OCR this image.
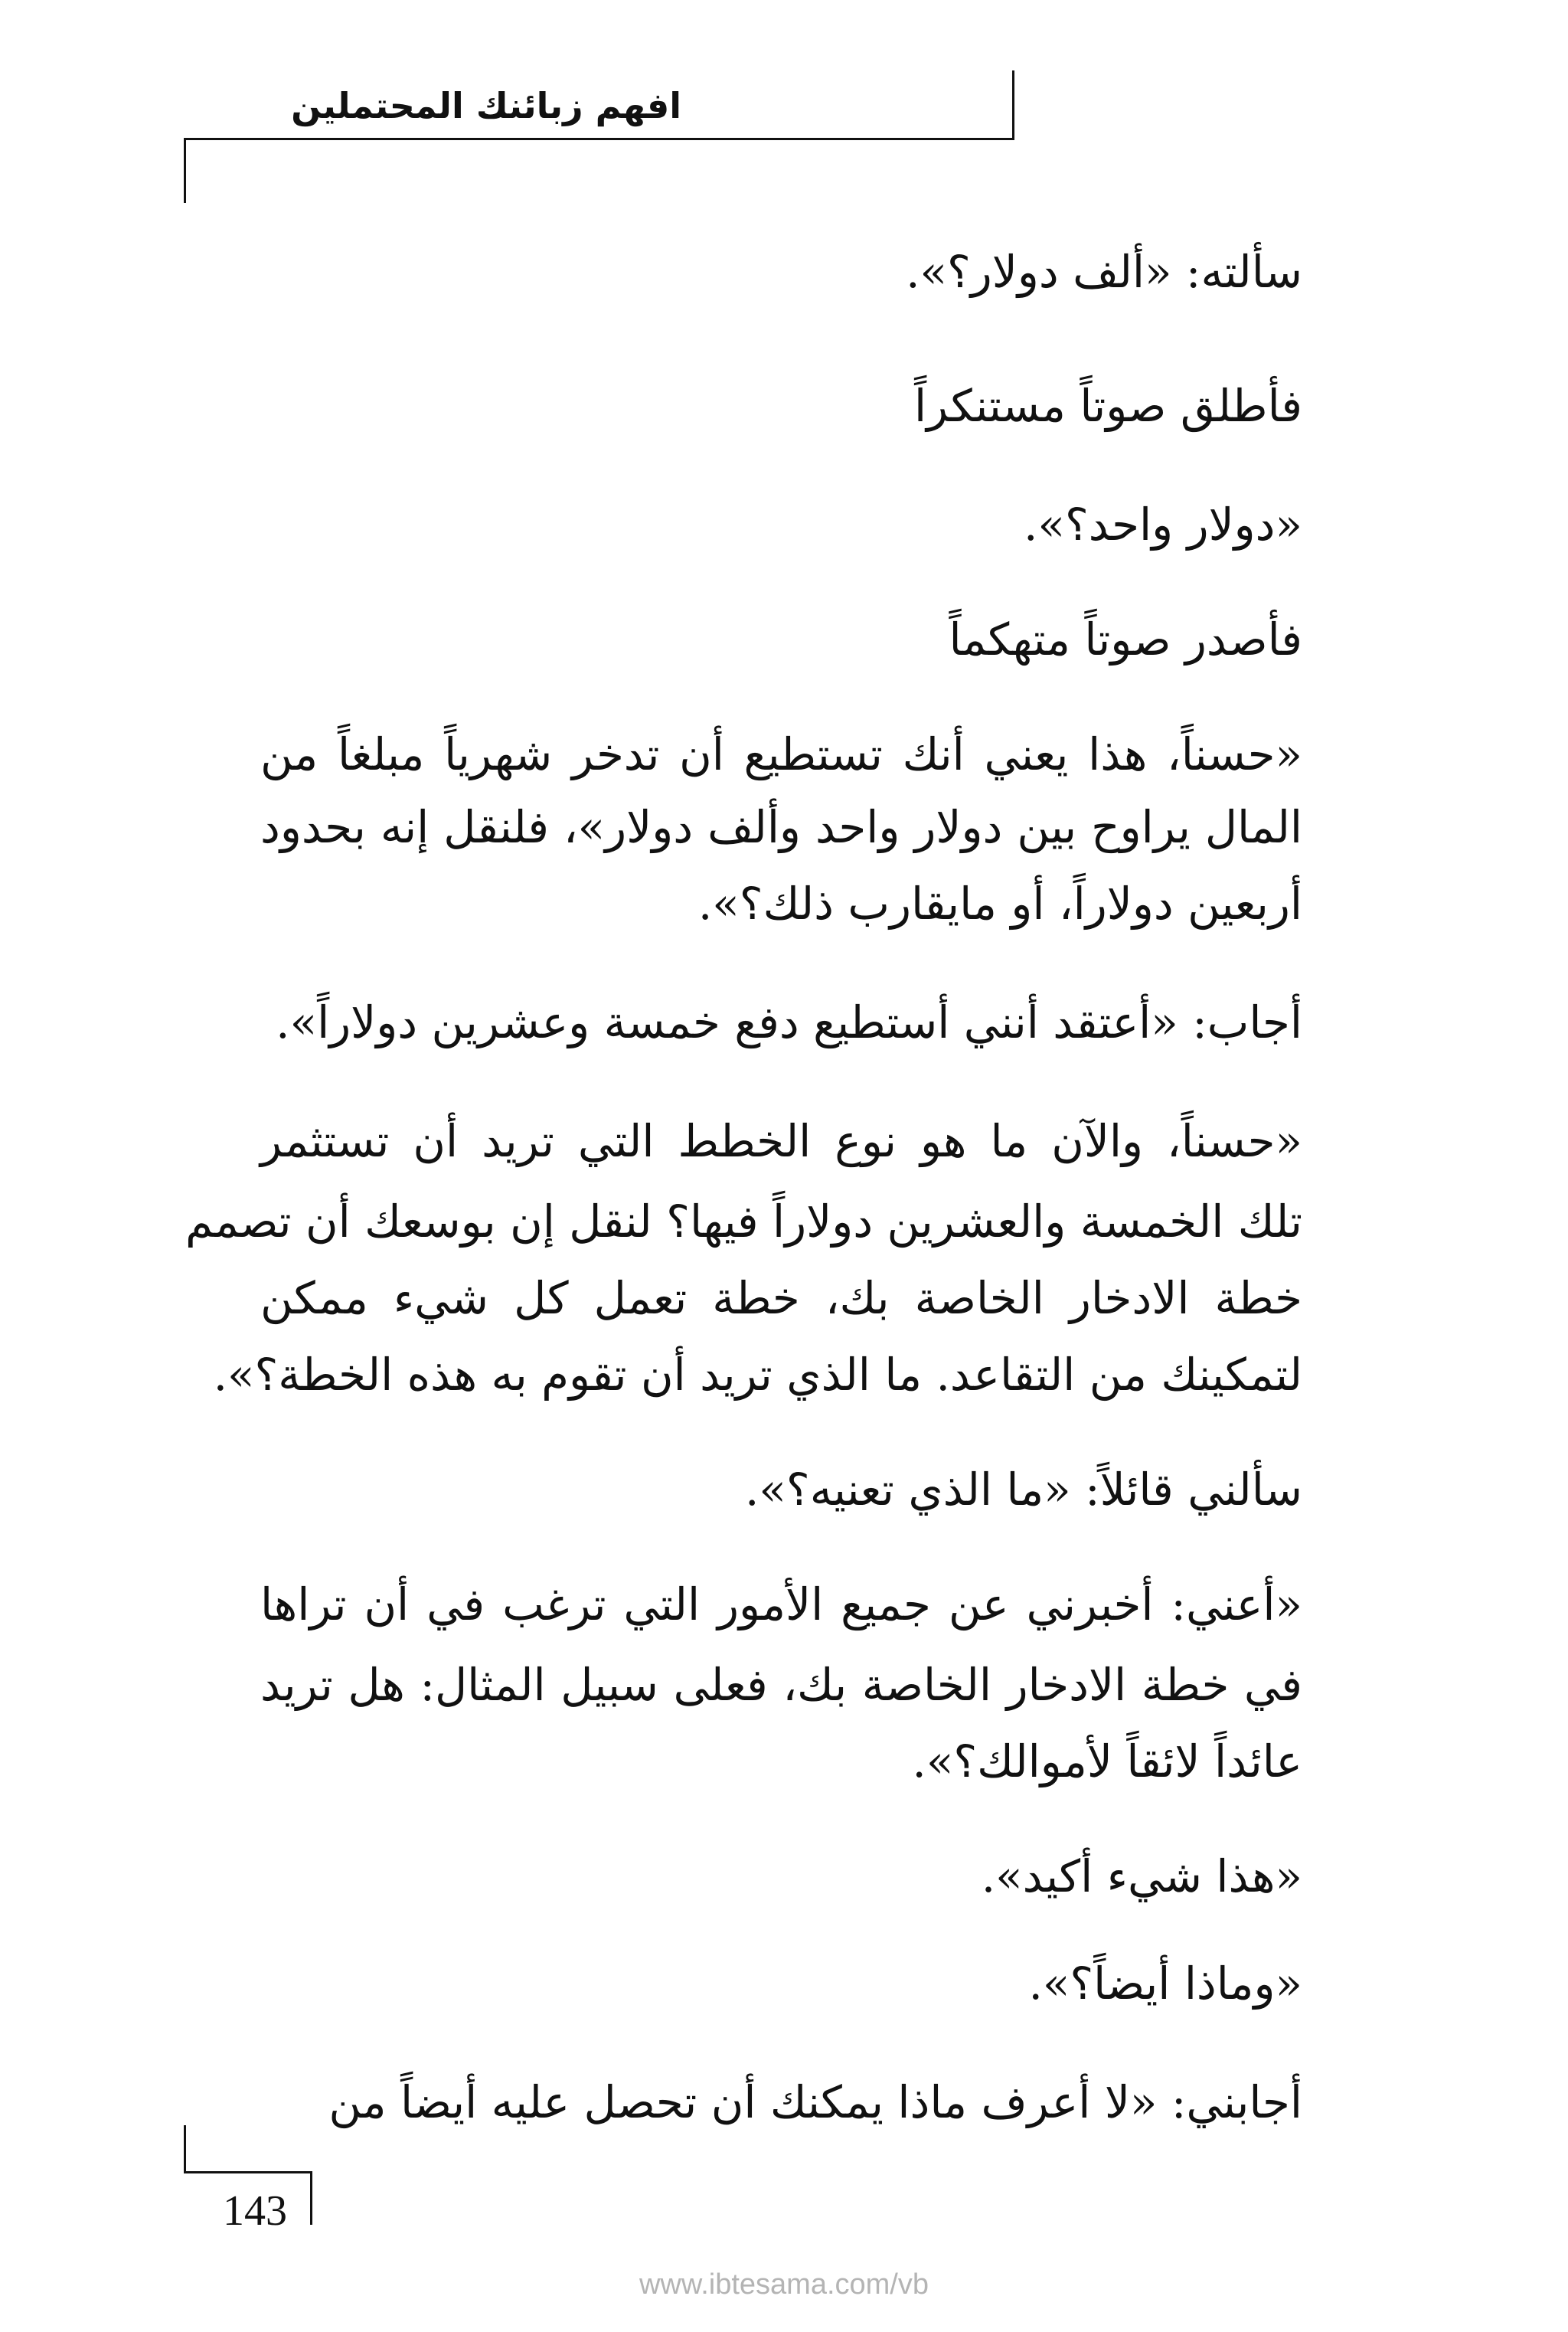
افهم زبائنك المحتملين
سألته: «ألف دولار؟».
فأطلق صوتاً مستنكراً
«دولار واحد؟».
فأصدر صوتاً متهكماً
«حسناً، هذا يعني أنك تستطيع أن تدخر شهرياً مبلغاً من
المال يراوح بين دولار واحد وألف دولار»، فلنقل إنه بحدود
أربعين دولاراً، أو مايقارب ذلك؟».
أجاب: «أعتقد أنني أستطيع دفع خمسة وعشرين دولاراً».
«حسناً، والآن ما هو نوع الخطط التي تريد أن تستثمر
تلك الخمسة والعشرين دولاراً فيها؟ لنقل إن بوسعك أن تصمم
خطة الادخار الخاصة بك، خطة تعمل كل شيء ممكن
لتمكينك من التقاعد. ما الذي تريد أن تقوم به هذه الخطة؟».
سألني قائلاً: «ما الذي تعنيه؟».
«أعني: أخبرني عن جميع الأمور التي ترغب في أن تراها
في خطة الادخار الخاصة بك، فعلى سبيل المثال: هل تريد
عائداً لائقاً لأموالك؟».
«هذا شيء أكيد».
«وماذا أيضاً؟».
أجابني: «لا أعرف ماذا يمكنك أن تحصل عليه أيضاً من
143
www.ibtesama.com/vb
